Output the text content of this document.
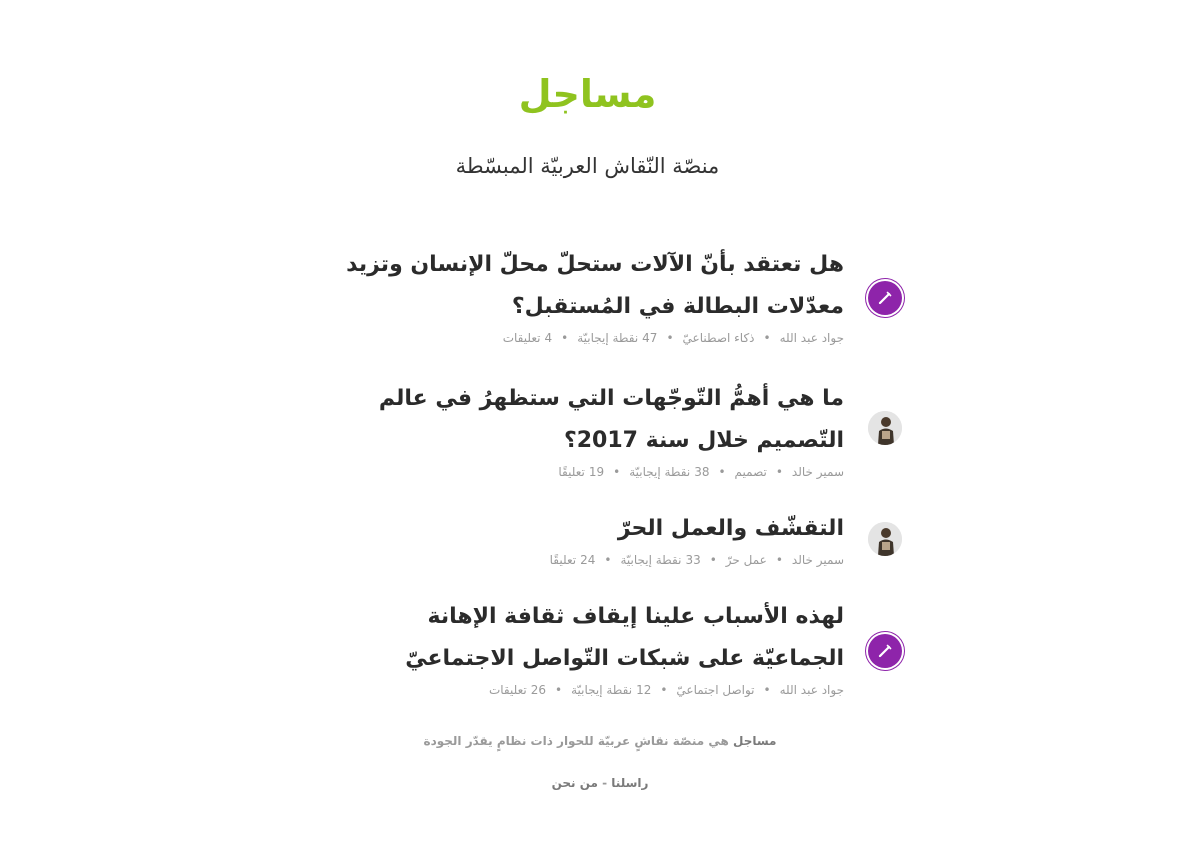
مساجل
منصّة النّقاش العربيّة المبسّطة
هل تعتقد بأنّ الآلات ستحلّ محلّ الإنسان وتزيد معدّلات البطالة في المُستقبل؟
جواد عبد الله•ذكاء اصطناعيّ•47نقطة إيجابيّة•4تعليقات
ما هي أهمُّ التّوجّهات التي ستظهرُ في عالم التّصميم خلال سنة 2017؟
سمير خالد•تصميم•38نقطة إيجابيّة•19تعليقًا
التقشّف والعمل الحرّ
سمير خالد•عمل حرّ•33نقطة إيجابيّة•24تعليقًا
لهذه الأسباب علينا إيقاف ثقافة الإهانة الجماعيّة على شبكات التّواصل الاجتماعيّ
جواد عبد الله•تواصل اجتماعيّ•12نقطة إيجابيّة•26تعليقات
مساجل هي منصّة نقاشٍ عربيّة للحوار ذات نظامٍ يقدّر الجودة
راسلنا - من نحن
